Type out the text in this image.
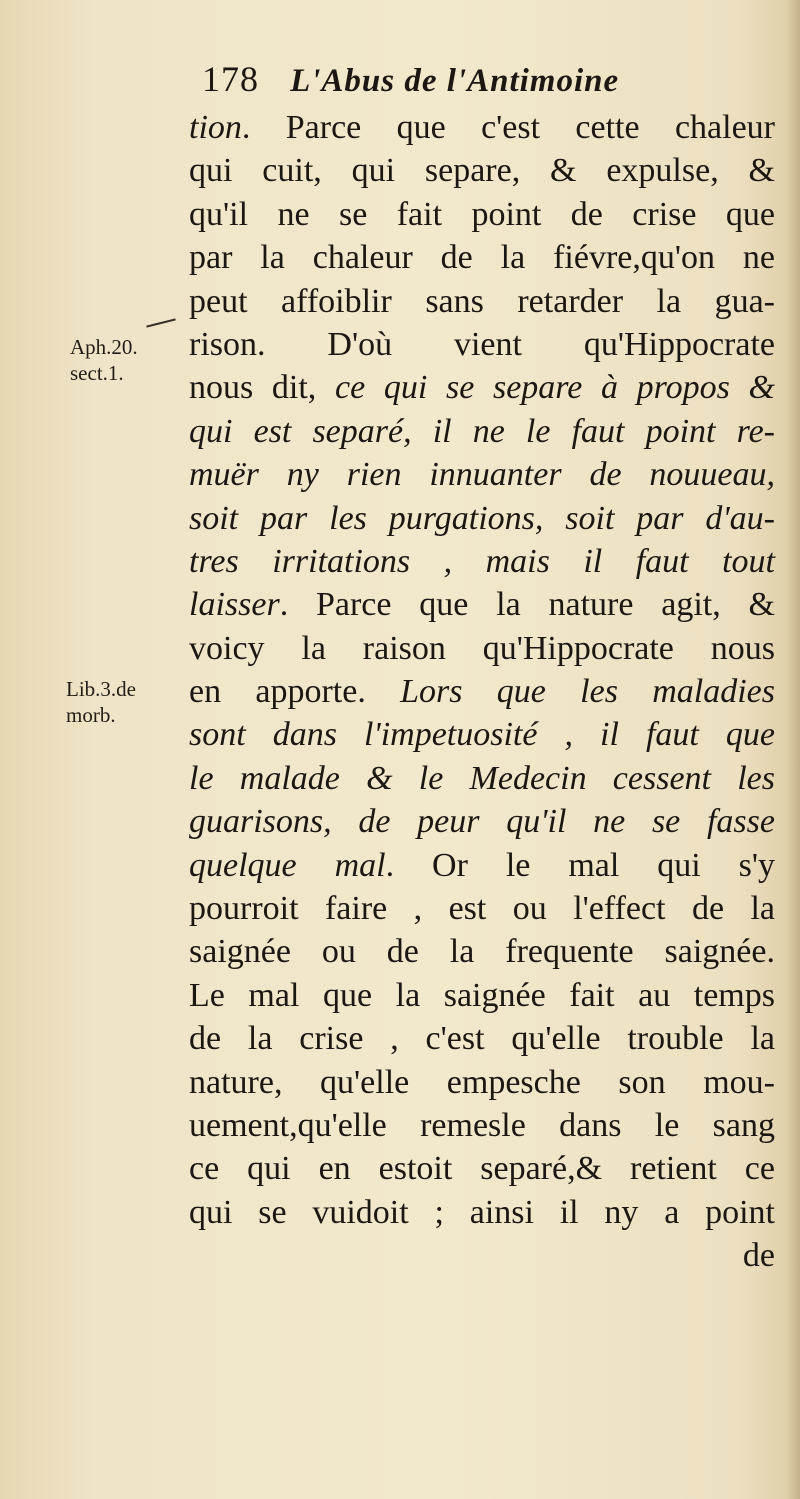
178 L'Abus de l'Antimoine
Aph.20.
sect.1.
Lib.3.de
morb.
tion. Parce que c'est cette chaleur
qui cuit, qui separe, & expulse, &
qu'il ne se fait point de crise que
par la chaleur de la fiévre,qu'on ne
peut affoiblir sans retarder la gua-
rison. D'où vient qu'Hippocrate
nous dit, ce qui se separe à propos &
qui est separé, il ne le faut point re-
muër ny rien innuanter de nouueau,
soit par les purgations, soit par d'au-
tres irritations , mais il faut tout
laisser. Parce que la nature agit, &
voicy la raison qu'Hippocrate nous
en apporte. Lors que les maladies
sont dans l'impetuosité , il faut que
le malade & le Medecin cessent les
guarisons, de peur qu'il ne se fasse
quelque mal. Or le mal qui s'y
pourroit faire , est ou l'effect de la
saignée ou de la frequente saignée.
Le mal que la saignée fait au temps
de la crise , c'est qu'elle trouble la
nature, qu'elle empesche son mou-
uement,qu'elle remesle dans le sang
ce qui en estoit separé,& retient ce
qui se vuidoit ; ainsi il ny a point
de
